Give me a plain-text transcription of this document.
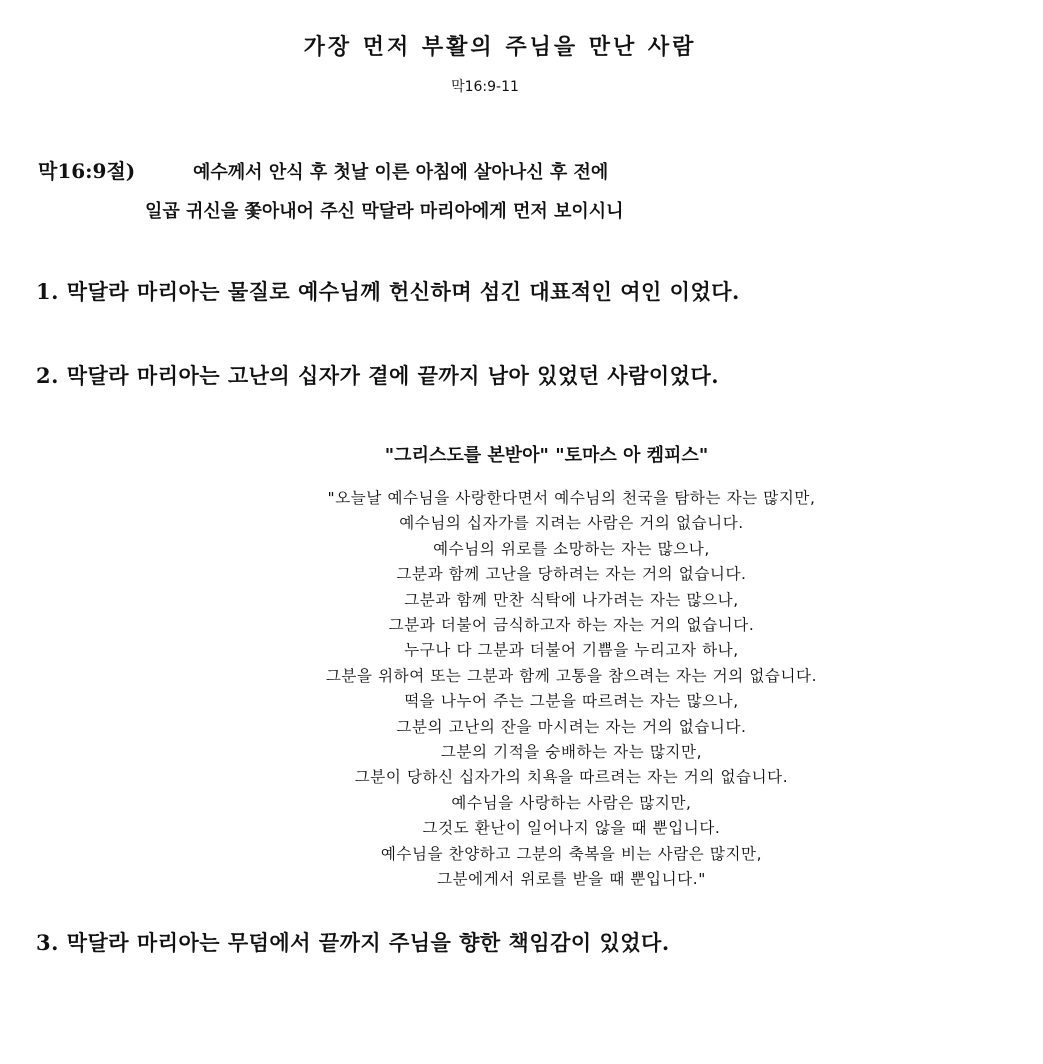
가장 먼저 부활의 주님을 만난 사람
막16:9-11
막16:9절)	예수께서 안식 후 첫날 이른 아침에 살아나신 후 전에
일곱 귀신을 쫓아내어 주신 막달라 마리아에게 먼저 보이시니
1. 막달라 마리아는 물질로 예수님께 헌신하며 섬긴 대표적인 여인 이었다.
2. 막달라 마리아는 고난의 십자가 곁에 끝까지 남아 있었던 사람이었다.
"그리스도를 본받아" "토마스 아 켐피스"
"오늘날 예수님을 사랑한다면서 예수님의 천국을 탐하는 자는 많지만,
예수님의 십자가를 지려는 사람은 거의 없습니다.
예수님의 위로를 소망하는 자는 많으나,
그분과 함께 고난을 당하려는 자는 거의 없습니다.
그분과 함께 만찬 식탁에 나가려는 자는 많으나,
그분과 더불어 금식하고자 하는 자는 거의 없습니다.
누구나 다 그분과 더불어 기쁨을 누리고자 하나,
그분을 위하여 또는 그분과 함께 고통을 참으려는 자는 거의 없습니다.
떡을 나누어 주는 그분을 따르려는 자는 많으나,
그분의 고난의 잔을 마시려는 자는 거의 없습니다.
그분의 기적을 숭배하는 자는 많지만,
그분이 당하신 십자가의 치욕을 따르려는 자는 거의 없습니다.
예수님을 사랑하는 사람은 많지만,
그것도 환난이 일어나지 않을 때 뿐입니다.
예수님을 찬양하고 그분의 축복을 비는 사람은 많지만,
그분에게서 위로를 받을 때 뿐입니다."
3. 막달라 마리아는 무덤에서 끝까지 주님을 향한 책임감이 있었다.
